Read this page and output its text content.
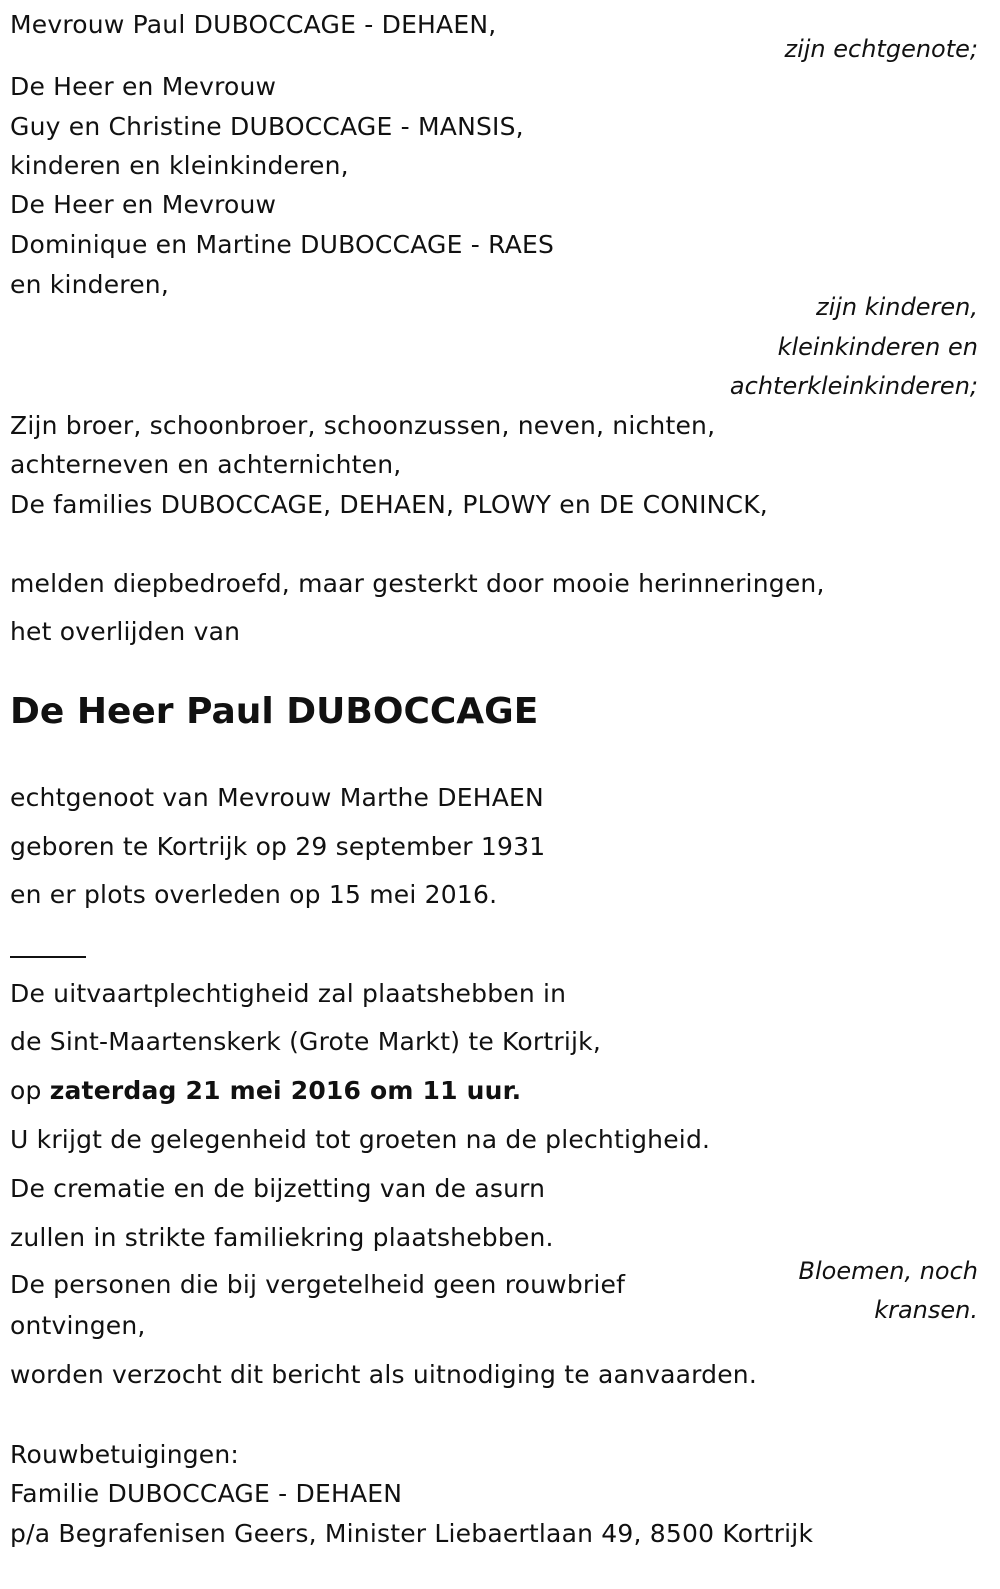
Mevrouw Paul DUBOCCAGE - DEHAEN,
zijn echtgenote;
De Heer en Mevrouw
Guy en Christine DUBOCCAGE - MANSIS,
kinderen en kleinkinderen,
De Heer en Mevrouw
Dominique en Martine DUBOCCAGE - RAES
en kinderen,
zijn kinderen,
kleinkinderen en
achterkleinkinderen;
Zijn broer, schoonbroer, schoonzussen, neven, nichten,
achterneven en achternichten,
De families DUBOCCAGE, DEHAEN, PLOWY en DE CONINCK,
melden diepbedroefd, maar gesterkt door mooie herinneringen,
het overlijden van
De Heer Paul DUBOCCAGE
echtgenoot van Mevrouw Marthe DEHAEN
geboren te Kortrijk op 29 september 1931
en er plots overleden op 15 mei 2016.
De uitvaartplechtigheid zal plaatshebben in
de Sint-Maartenskerk (Grote Markt) te Kortrijk,
op zaterdag 21 mei 2016 om 11 uur.
U krijgt de gelegenheid tot groeten na de plechtigheid.
De crematie en de bijzetting van de asurn
zullen in strikte familiekring plaatshebben.
De personen die bij vergetelheid geen rouwbrief
ontvingen,
worden verzocht dit bericht als uitnodiging te aanvaarden.
Bloemen, noch
kransen.
Rouwbetuigingen:
Familie DUBOCCAGE - DEHAEN
p/a Begrafenisen Geers, Minister Liebaertlaan 49, 8500 Kortrijk
